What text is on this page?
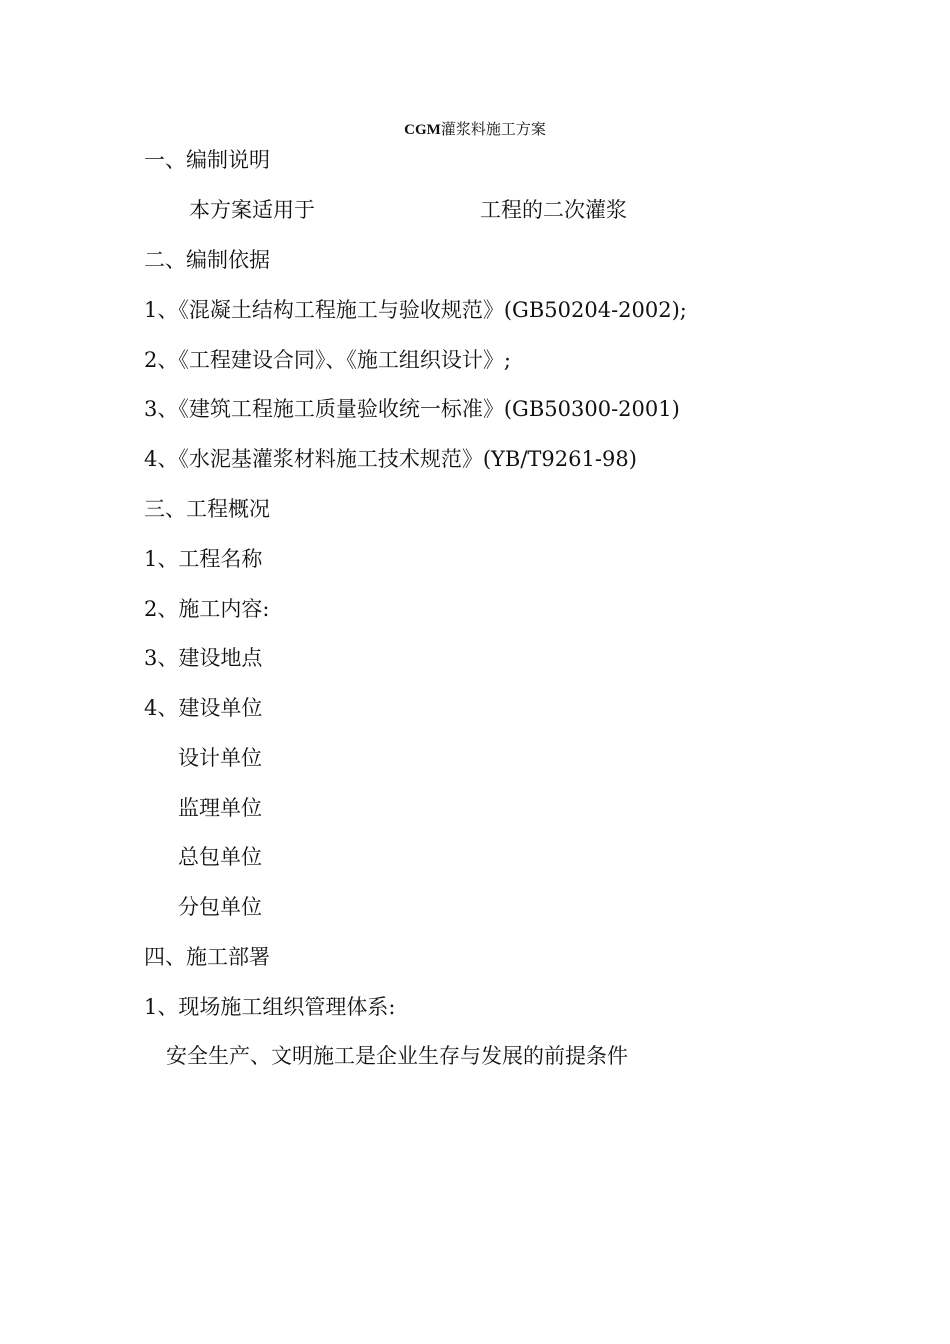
CGM灌浆料施工方案
一、编制说明
本方案适用于	工程的二次灌浆
二、编制依据
1、《混凝土结构工程施工与验收规范》(GB50204-2002);
2、《工程建设合同》、《施工组织设计》;
3、《建筑工程施工质量验收统一标准》(GB50300-2001)
4、《水泥基灌浆材料施工技术规范》(YB/T9261-98)
三、工程概况
1、工程名称
2、施工内容:
3、建设地点
4、建设单位
设计单位
监理单位
总包单位
分包单位
四、施工部署
1、现场施工组织管理体系:
安全生产、文明施工是企业生存与发展的前提条件
